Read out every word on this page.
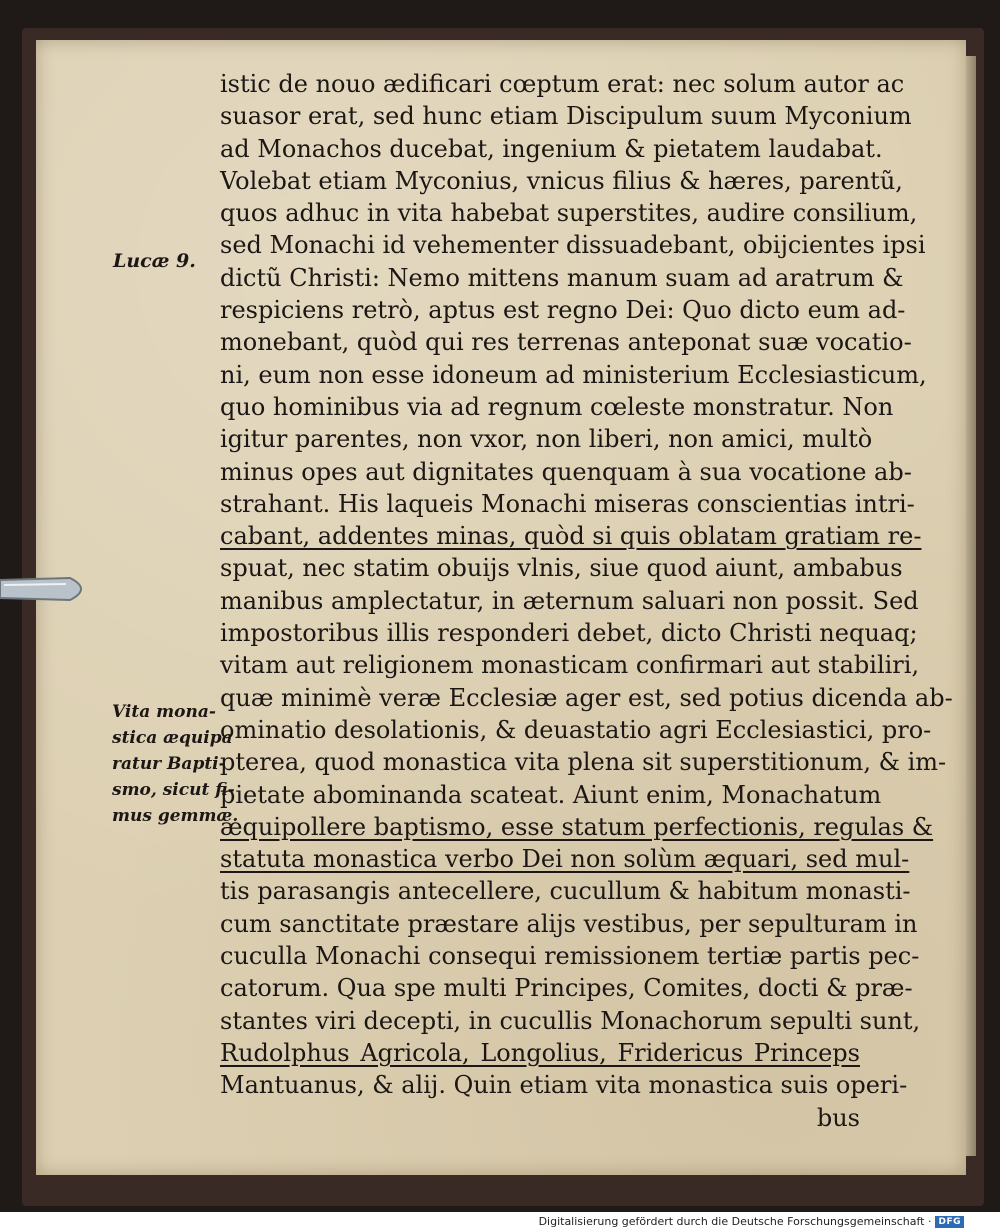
istic de nouo ædificari cœptum erat: nec solum autor ac
suasor erat, sed hunc etiam Discipulum suum Myconium
ad Monachos ducebat, ingenium & pietatem laudabat.
Volebat etiam Myconius, vnicus filius & hæres, parentũ,
quos adhuc in vita habebat superstites, audire consilium,
sed Monachi id vehementer dissuadebant, obijcientes ipsi
dictũ Christi: Nemo mittens manum suam ad aratrum &
respiciens retrò, aptus est regno Dei: Quo dicto eum ad-
monebant, quòd qui res terrenas anteponat suæ vocatio-
ni, eum non esse idoneum ad ministerium Ecclesiasticum,
quo hominibus via ad regnum cœleste monstratur. Non
igitur parentes, non vxor, non liberi, non amici, multò
minus opes aut dignitates quenquam à sua vocatione ab-
strahant. His laqueis Monachi miseras conscientias intri-
cabant, addentes minas, quòd si quis oblatam gratiam re-
spuat, nec statim obuijs vlnis, siue quod aiunt, ambabus
manibus amplectatur, in æternum saluari non possit. Sed
impostoribus illis responderi debet, dicto Christi nequaq;
vitam aut religionem monasticam confirmari aut stabiliri,
quæ minimè veræ Ecclesiæ ager est, sed potius dicenda ab-
ominatio desolationis, & deuastatio agri Ecclesiastici, pro-
pterea, quod monastica vita plena sit superstitionum, & im-
pietate abominanda scateat. Aiunt enim, Monachatum
æquipollere baptismo, esse statum perfectionis, regulas &
statuta monastica verbo Dei non solùm æquari, sed mul-
tis parasangis antecellere, cucullum & habitum monasti-
cum sanctitate præstare alijs vestibus, per sepulturam in
cuculla Monachi consequi remissionem tertiæ partis pec-
catorum. Qua spe multi Principes, Comites, docti & præ-
stantes viri decepti, in cucullis Monachorum sepulti sunt,
Rudolphus Agricola, Longolius, Fridericus Princeps
Mantuanus, & alij. Quin etiam vita monastica suis operi-
bus
Lucæ 9.
Vita mona-
stica æquipa
ratur Bapti-
smo, sicut fi-
mus gemmæ.
Digitalisierung gefördert durch die Deutsche Forschungsgemeinschaft · DFG
